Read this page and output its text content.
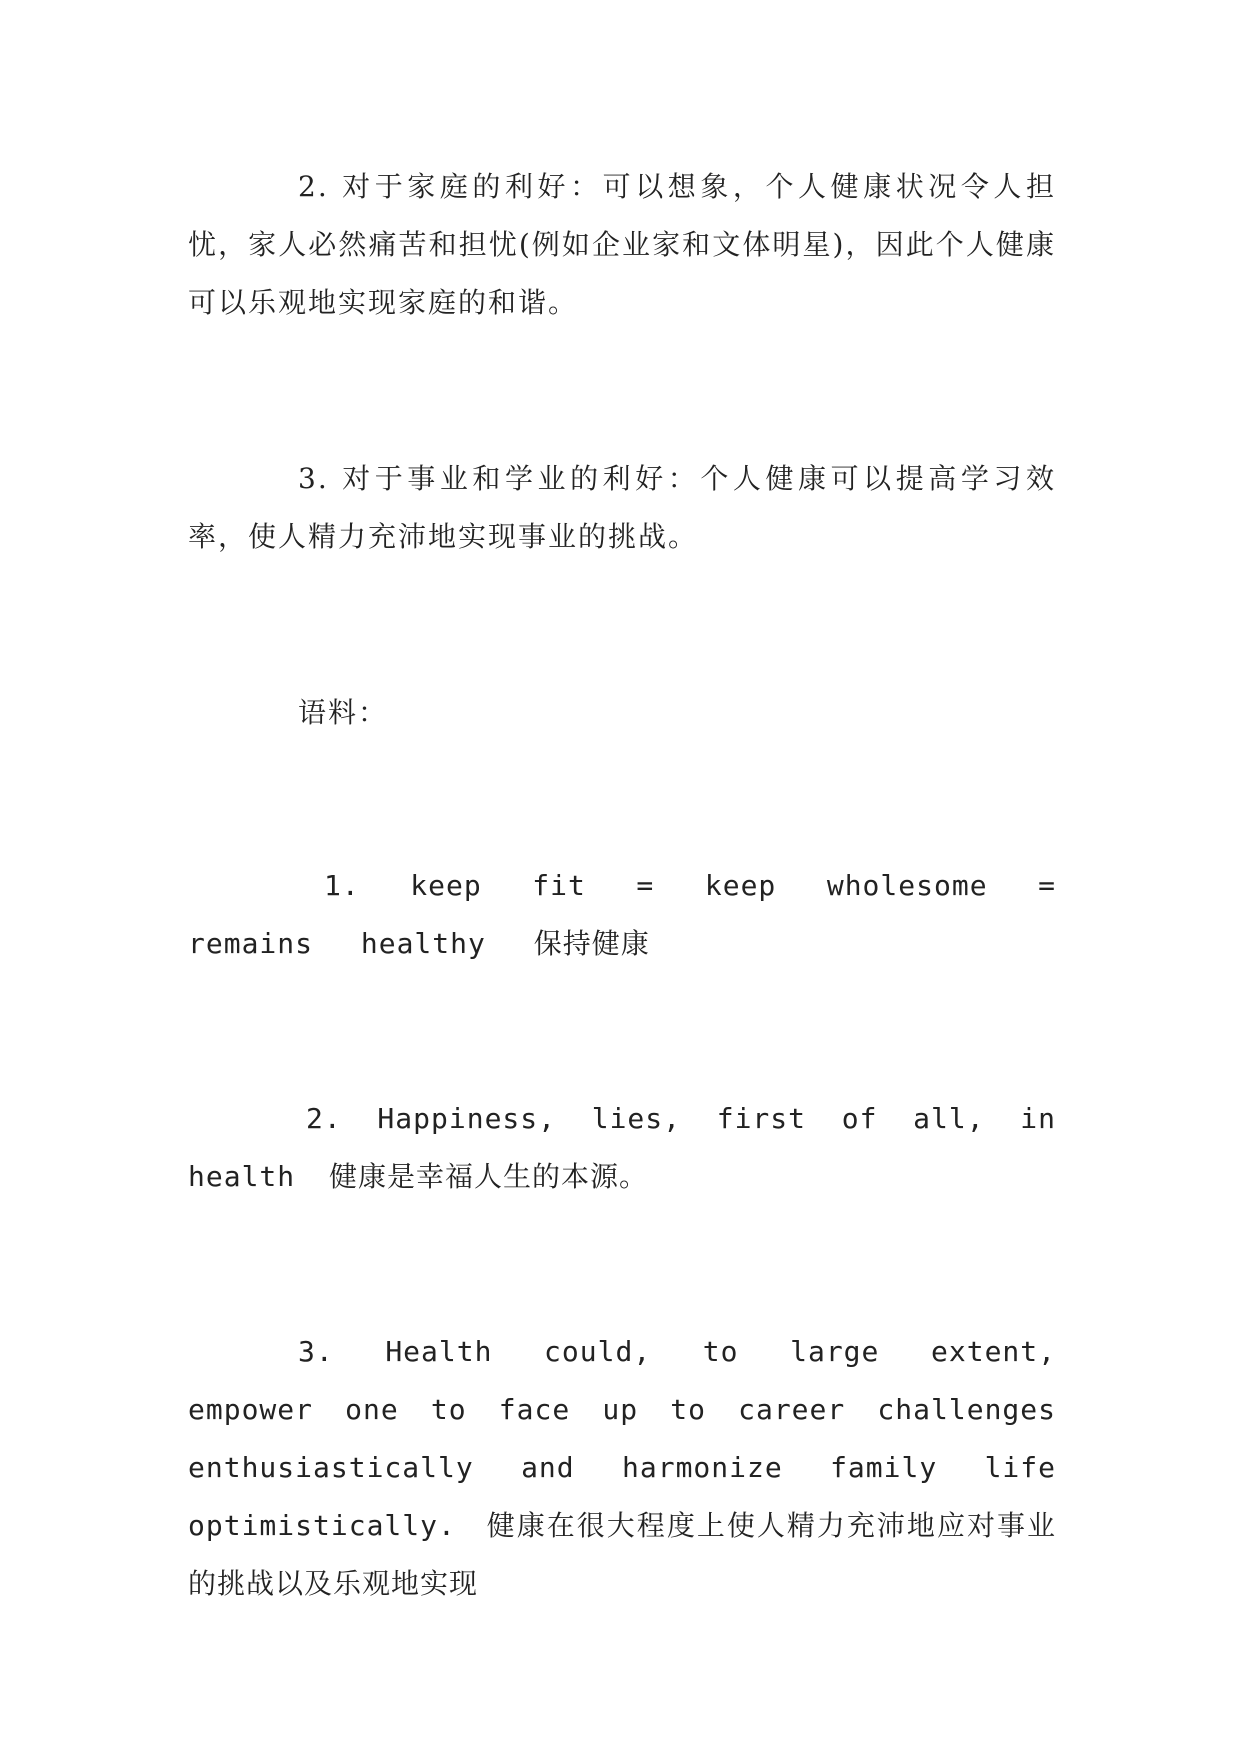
2. 对于家庭的利好：可以想象，个人健康状况令人担忧，家人必然痛苦和担忧(例如企业家和文体明星)，因此个人健康可以乐观地实现家庭的和谐。

3. 对于事业和学业的利好：个人健康可以提高学习效率，使人精力充沛地实现事业的挑战。

语料：

1. keep fit = keep wholesome = remains healthy 保持健康

2. Happiness, lies, first of all, in health 健康是幸福人生的本源。

3. Health could, to large extent, empower one to face up to career challenges enthusiastically and harmonize family life optimistically. 健康在很大程度上使人精力充沛地应对事业的挑战以及乐观地实现
